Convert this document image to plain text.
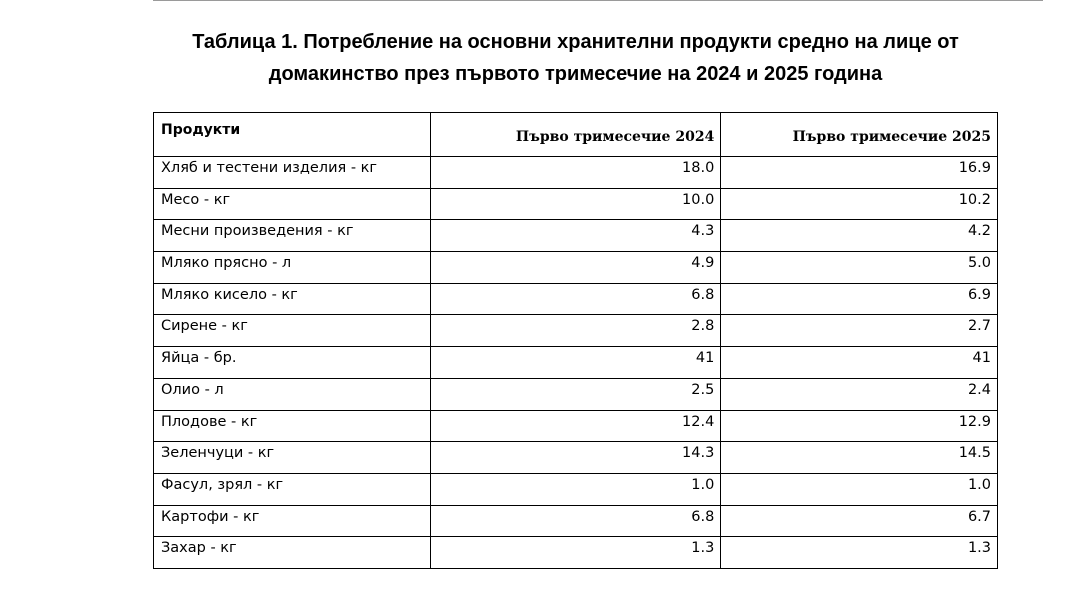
Таблица 1. Потребление на основни хранителни продукти средно на лице от домакинство през първото тримесечие на 2024 и 2025 година
Продукти	Първо тримесечие 2024	Първо тримесечие 2025
Хляб и тестени изделия - кг	18.0	16.9
Месо - кг	10.0	10.2
Месни произведения - кг	4.3	4.2
Мляко прясно - л	4.9	5.0
Мляко кисело - кг	6.8	6.9
Сирене - кг	2.8	2.7
Яйца - бр.	41	41
Олио - л	2.5	2.4
Плодове - кг	12.4	12.9
Зеленчуци - кг	14.3	14.5
Фасул, зрял - кг	1.0	1.0
Картофи - кг	6.8	6.7
Захар - кг	1.3	1.3
